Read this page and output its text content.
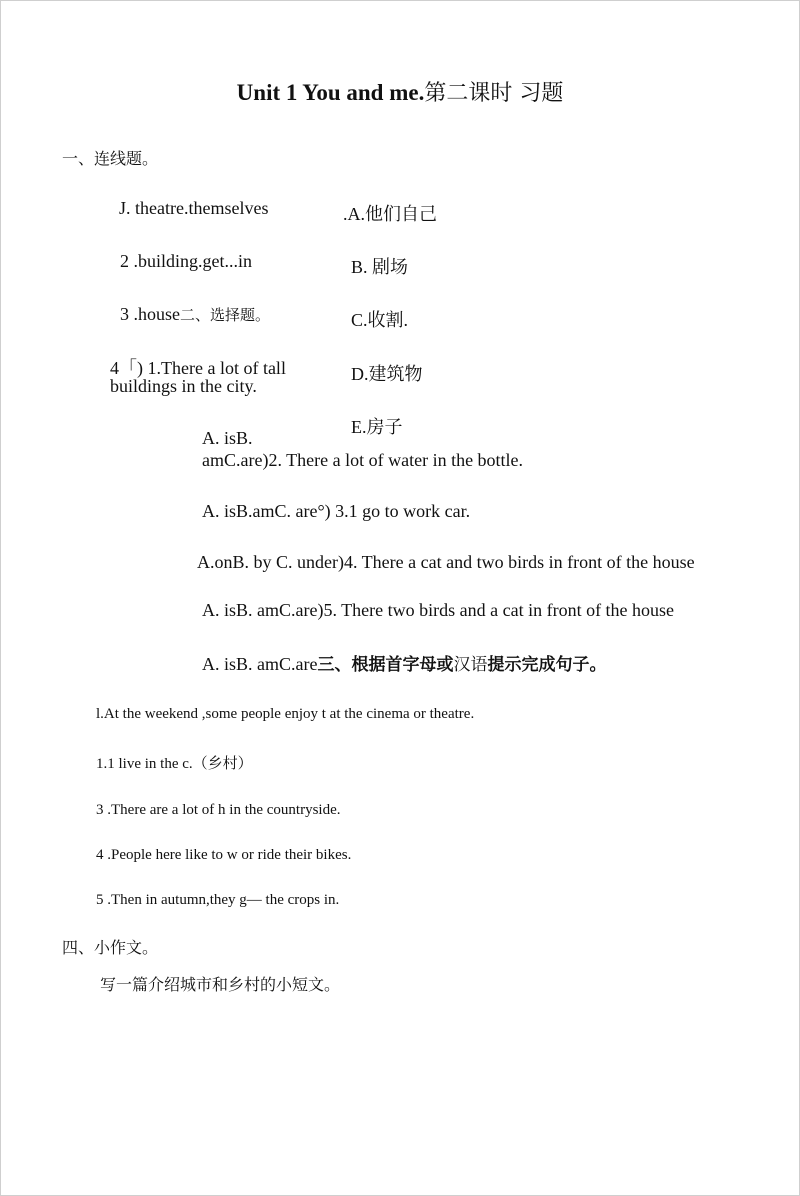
Unit 1 You and me.第二课时 习题
一、连线题。
J. theatre.themselves
2 .building.get...in
3 .house二、选择题。
.A.他们自己
B. 剧场
C.收割.
D.建筑物
E.房子
4「) 1.There a lot of tall
buildings in the city.
A. isB.
amC.are)2. There a lot of water in the bottle.
A. isB.amC. are°) 3.1 go to work car.
A.onB. by C. under)4. There a cat and two birds in front of the house
A. isB. amC.are)5. There two birds and a cat in front of the house
A. isB. amC.are三、根据首字母或汉语提示完成句子。
l.At the weekend ,some people enjoy t at the cinema or theatre.
1.1 live in the c.（乡村）
3 .There are a lot of h in the countryside.
4 .People here like to w or ride their bikes.
5 .Then in autumn,they g— the crops in.
四、小作文。
写一篇介绍城市和乡村的小短文。
